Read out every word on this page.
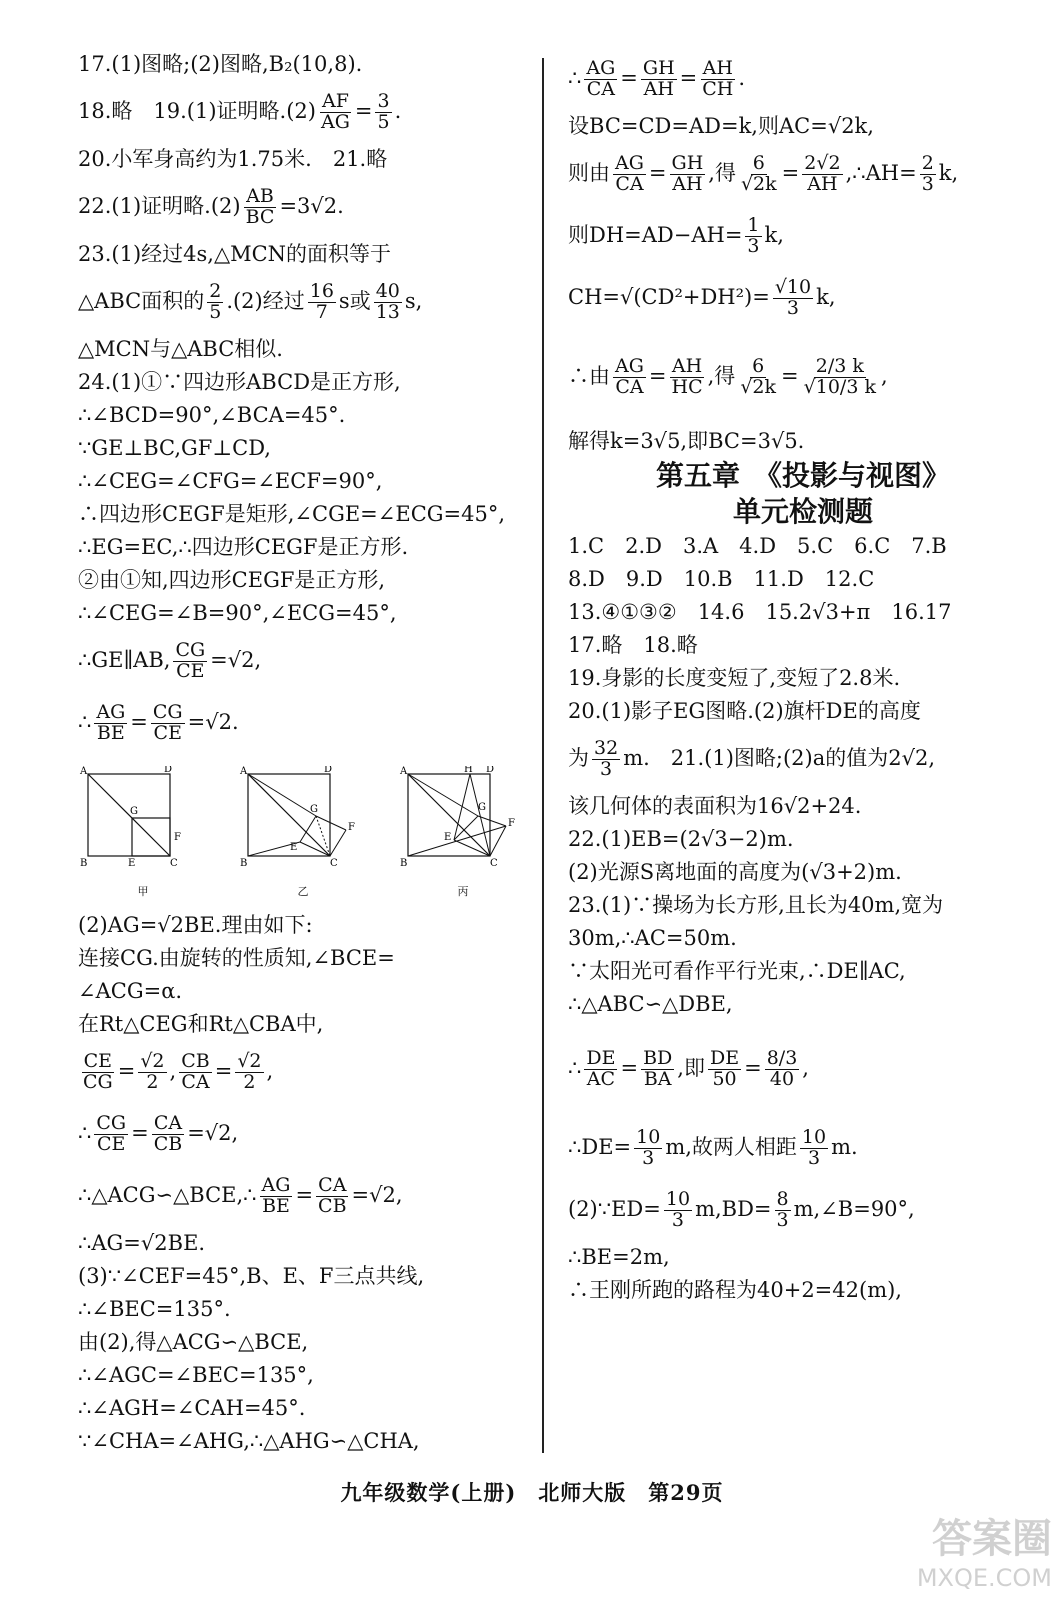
17.(1)图略;(2)图略,B₂(10,8).
18.略　19.(1)证明略$.(2) \frac{AF}{AG} = \frac{3}{5}$ .
20.小军身高约为1.75米.　21.略
22.(1)证明略$.(2) \frac{AB}{BC} =3√2$.
23.(1)经过4s,△MCN的面积等于
△ABC面积的 $\frac{2}{5} .(2)$经过 $\frac{16}{7}$ s或 $\frac{40}{13} s$,
△MCN与△ABC相似.
24.(1)①∵四边形ABCD是正方形,
∴∠BCD=90°,∠BCA=45°.
∵GE⊥BC,GF⊥CD,
∴∠CEG=∠CFG=∠ECF=90°,
∴四边形CEGF是矩形,∠CGE=∠ECG=45°,
∴EG=EC,∴四边形CEGF是正方形.
②由①知,四边形CEGF是正方形,
∴∠CEG=∠B=90°,∠ECG=45°,
∴GE∥AB, $\frac{CG}{CE} =√2$,
∴ $\frac{AG}{BE} = \frac{CG}{CE} =√2$.
A	D
B	C
G
F
E
甲
A	D
B	C
G
F
E
乙
A	H D
B	C
G
F
E
丙
(2)AG=√2BE.理由如下:
连接CG.由旋转的性质知,∠BCE=
∠ACG=α.
在Rt△CEG和Rt△CBA中,
$\frac{CE}{CG} = \frac{√2}{2}$ , $\frac{CB}{CA} = \frac{√2}{2}$ ,
∴ $\frac{CG}{CE} = \frac{CA}{CB} =√2$,
∴△ACG∽△BCE,∴ $\frac{AG}{BE} = \frac{CA}{CB} =√2$,
∴AG=√2BE.
(3)∵∠CEF=45°,B、E、F三点共线,
∴∠BEC=135°.
由(2),得△ACG∽△BCE,
∴∠AGC=∠BEC=135°,
∴∠AGH=∠CAH=45°.
∵∠CHA=∠AHG,∴△AHG∽△CHA,
∴ $\frac{AG}{CA} = \frac{GH}{AH} = \frac{AH}{CH}$ .
设BC=CD=AD=k,则AC=√2k,
则由 $\frac{AG}{CA} = \frac{GH}{AH}$ ,得 $\frac{6}{√2k} = \frac{2√2}{AH}$ ,∴AH= $\frac{2}{3} k$,
则$DH=AD-AH= \frac{1}{3} k$,
$CH=√(CD^2+DH^2)= \frac{√10}{3} k$,
∴由 $\frac{AG}{CA} = \frac{AH}{HC}$ ,得 $\frac{6}{√2k} = \frac{2/3 k}{√10/3 k}$ ,
解得k=3√5,即BC=3√5.
第五章　《投影与视图》
单元检测题
1.C　2.D　3.A　4.D　5.C　6.C　7.B
8.D　9.D　10.B　11.D　12.C
13.④①③②　14.6　15.2√3+π　16.17
17.略　18.略
19.身影的长度变短了,变短了2.8米.
20.(1)影子EG图略.(2)旗杆DE的高度
为 $\frac{32}{3} m$.　21.(1)图略;(2)a的值为2√2,
该几何体的表面积为16√2+24.
22.(1)EB=(2√3−2)m.
(2)光源S离地面的高度为(√3+2)m.
23.(1)∵操场为长方形,且长为40m,宽为
30m,∴AC=50m.
∵太阳光可看作平行光束,∴DE∥AC,
∴△ABC∽△DBE,
∴ $\frac{DE}{AC} = \frac{BD}{BA}$ ,即 $\frac{DE}{50} = \frac{8/3}{40}$ ,
∴DE= $\frac{10}{3} m$,故两人相距 $\frac{10}{3} m$.
(2)∵ED= $\frac{10}{3} m,BD= \frac{8}{3}$ m,∠B=90°,
∴BE=2m,
∴王刚所跑的路程为40+2=42(m),
九年级数学(上册)　北师大版　第29页
答案圈
MXQE.COM
